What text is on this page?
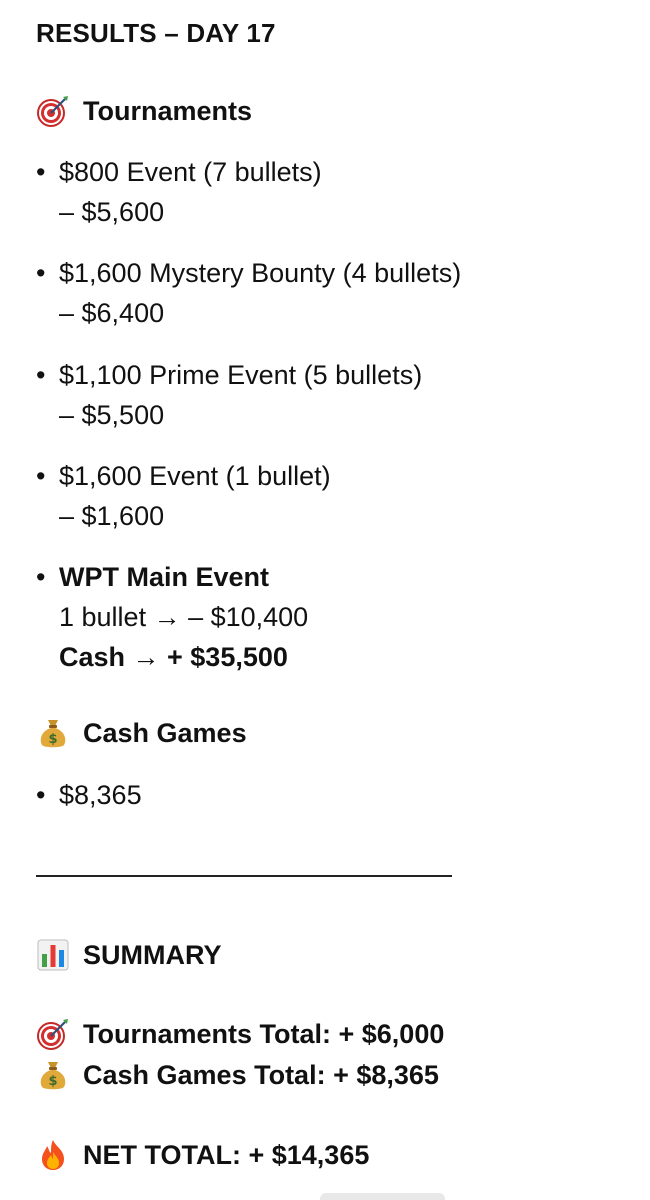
RESULTS – DAY 17
Tournaments
• $800 Event (7 bullets)
– $5,600
• $1,600 Mystery Bounty (4 bullets)
– $6,400
• $1,100 Prime Event (5 bullets)
– $5,500
• $1,600 Event (1 bullet)
– $1,600
• WPT Main Event
1 bullet → – $10,400
Cash → + $35,500
$ Cash Games
• $8,365
SUMMARY
Tournaments Total: + $6,000
$ Cash Games Total: + $8,365
NET TOTAL: + $14,365
